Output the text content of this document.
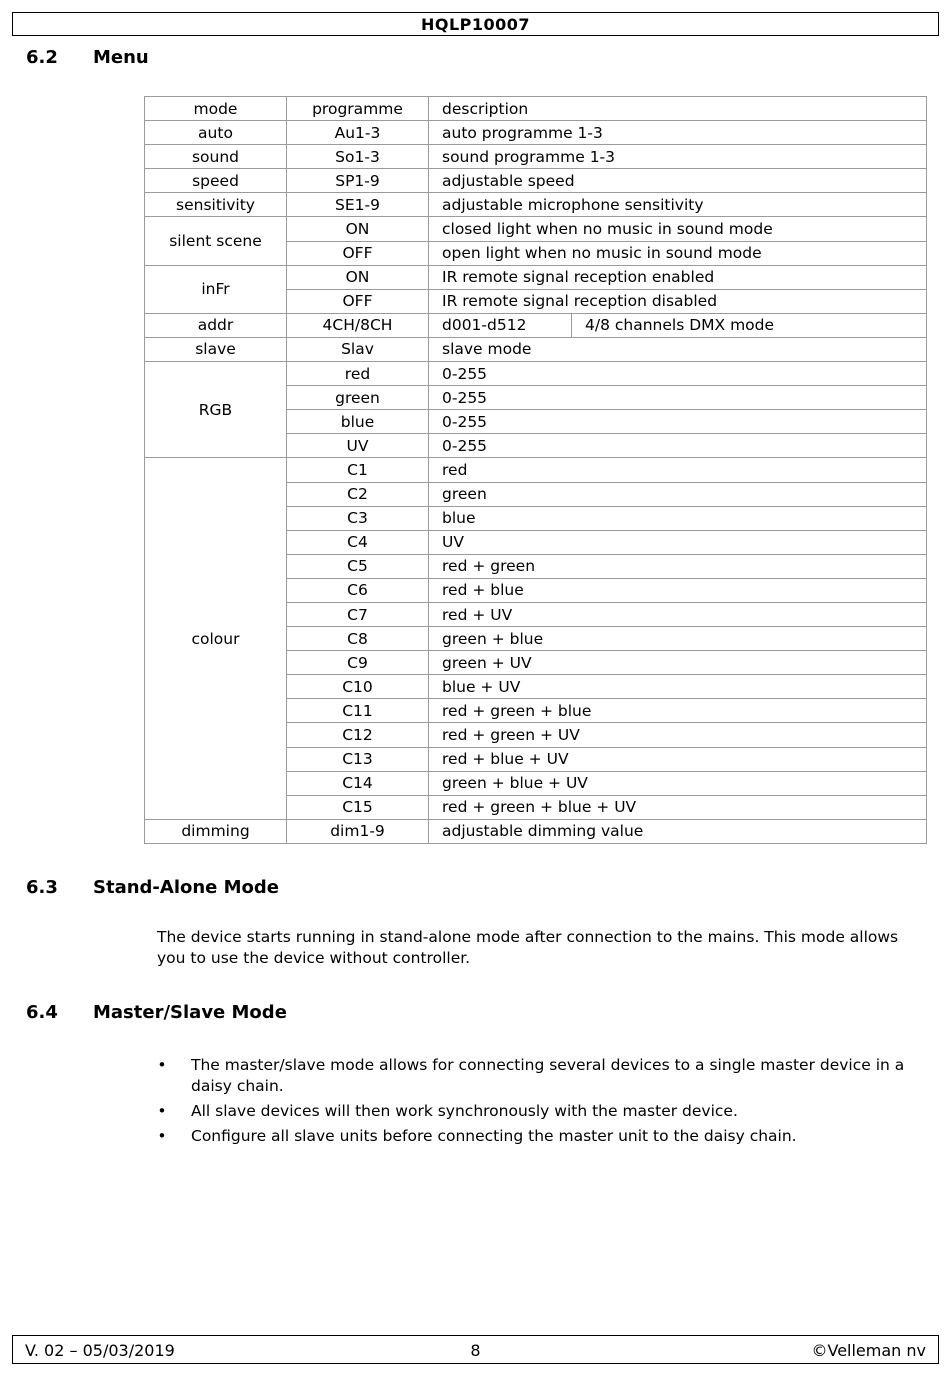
HQLP10007
6.2 Menu
mode	programme	description	
auto	Au1-3	auto programme 1-3	
sound	So1-3	sound programme 1-3	
speed	SP1-9	adjustable speed	
sensitivity	SE1-9	adjustable microphone sensitivity	
silent scene	ON	closed light when no music in sound mode	
	OFF	open light when no music in sound mode	
inFr	ON	IR remote signal reception enabled	
	OFF	IR remote signal reception disabled	
addr	4CH/8CH	d001-d512	4/8 channels DMX mode
slave	Slav	slave mode	
RGB	red	0-255	
	green	0-255	
	blue	0-255	
	UV	0-255	
colour	C1	red	
	C2	green	
	C3	blue	
	C4	UV	
	C5	red + green	
	C6	red + blue	
	C7	red + UV	
	C8	green + blue	
	C9	green + UV	
	C10	blue + UV	
	C11	red + green + blue	
	C12	red + green + UV	
	C13	red + blue + UV	
	C14	green + blue + UV	
	C15	red + green + blue + UV	
dimming	dim1-9	adjustable dimming value	
6.3 Stand-Alone Mode
The device starts running in stand-alone mode after connection to the mains. This mode allows you to use the device without controller.
6.4 Master/Slave Mode
• The master/slave mode allows for connecting several devices to a single master device in a daisy chain.
• All slave devices will then work synchronously with the master device.
• Configure all slave units before connecting the master unit to the daisy chain.
V. 02 – 05/03/2019	8	©Velleman nv
